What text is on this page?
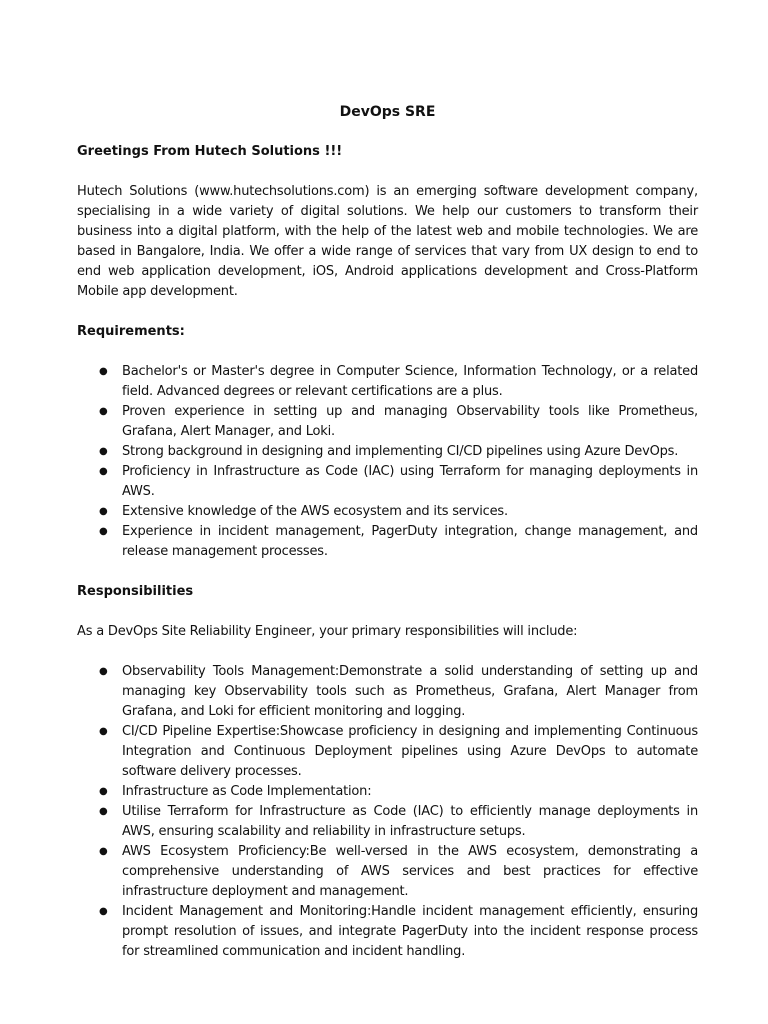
DevOps SRE
Greetings From Hutech Solutions !!!
Hutech Solutions (www.hutechsolutions.com) is an emerging software development company, specialising in a wide variety of digital solutions. We help our customers to transform their business into a digital platform, with the help of the latest web and mobile technologies. We are based in Bangalore, India. We offer a wide range of services that vary from UX design to end to end web application development, iOS, Android applications development and Cross-Platform Mobile app development.
Requirements:
● Bachelor's or Master's degree in Computer Science, Information Technology, or a related field. Advanced degrees or relevant certifications are a plus.
● Proven experience in setting up and managing Observability tools like Prometheus, Grafana, Alert Manager, and Loki.
● Strong background in designing and implementing CI/CD pipelines using Azure DevOps.
● Proficiency in Infrastructure as Code (IAC) using Terraform for managing deployments in AWS.
● Extensive knowledge of the AWS ecosystem and its services.
● Experience in incident management, PagerDuty integration, change management, and release management processes.
Responsibilities
As a DevOps Site Reliability Engineer, your primary responsibilities will include:
● Observability Tools Management:Demonstrate a solid understanding of setting up and managing key Observability tools such as Prometheus, Grafana, Alert Manager from Grafana, and Loki for efficient monitoring and logging.
● CI/CD Pipeline Expertise:Showcase proficiency in designing and implementing Continuous Integration and Continuous Deployment pipelines using Azure DevOps to automate software delivery processes.
● Infrastructure as Code Implementation:
● Utilise Terraform for Infrastructure as Code (IAC) to efficiently manage deployments in AWS, ensuring scalability and reliability in infrastructure setups.
● AWS Ecosystem Proficiency:Be well-versed in the AWS ecosystem, demonstrating a comprehensive understanding of AWS services and best practices for effective infrastructure deployment and management.
● Incident Management and Monitoring:Handle incident management efficiently, ensuring prompt resolution of issues, and integrate PagerDuty into the incident response process for streamlined communication and incident handling.
